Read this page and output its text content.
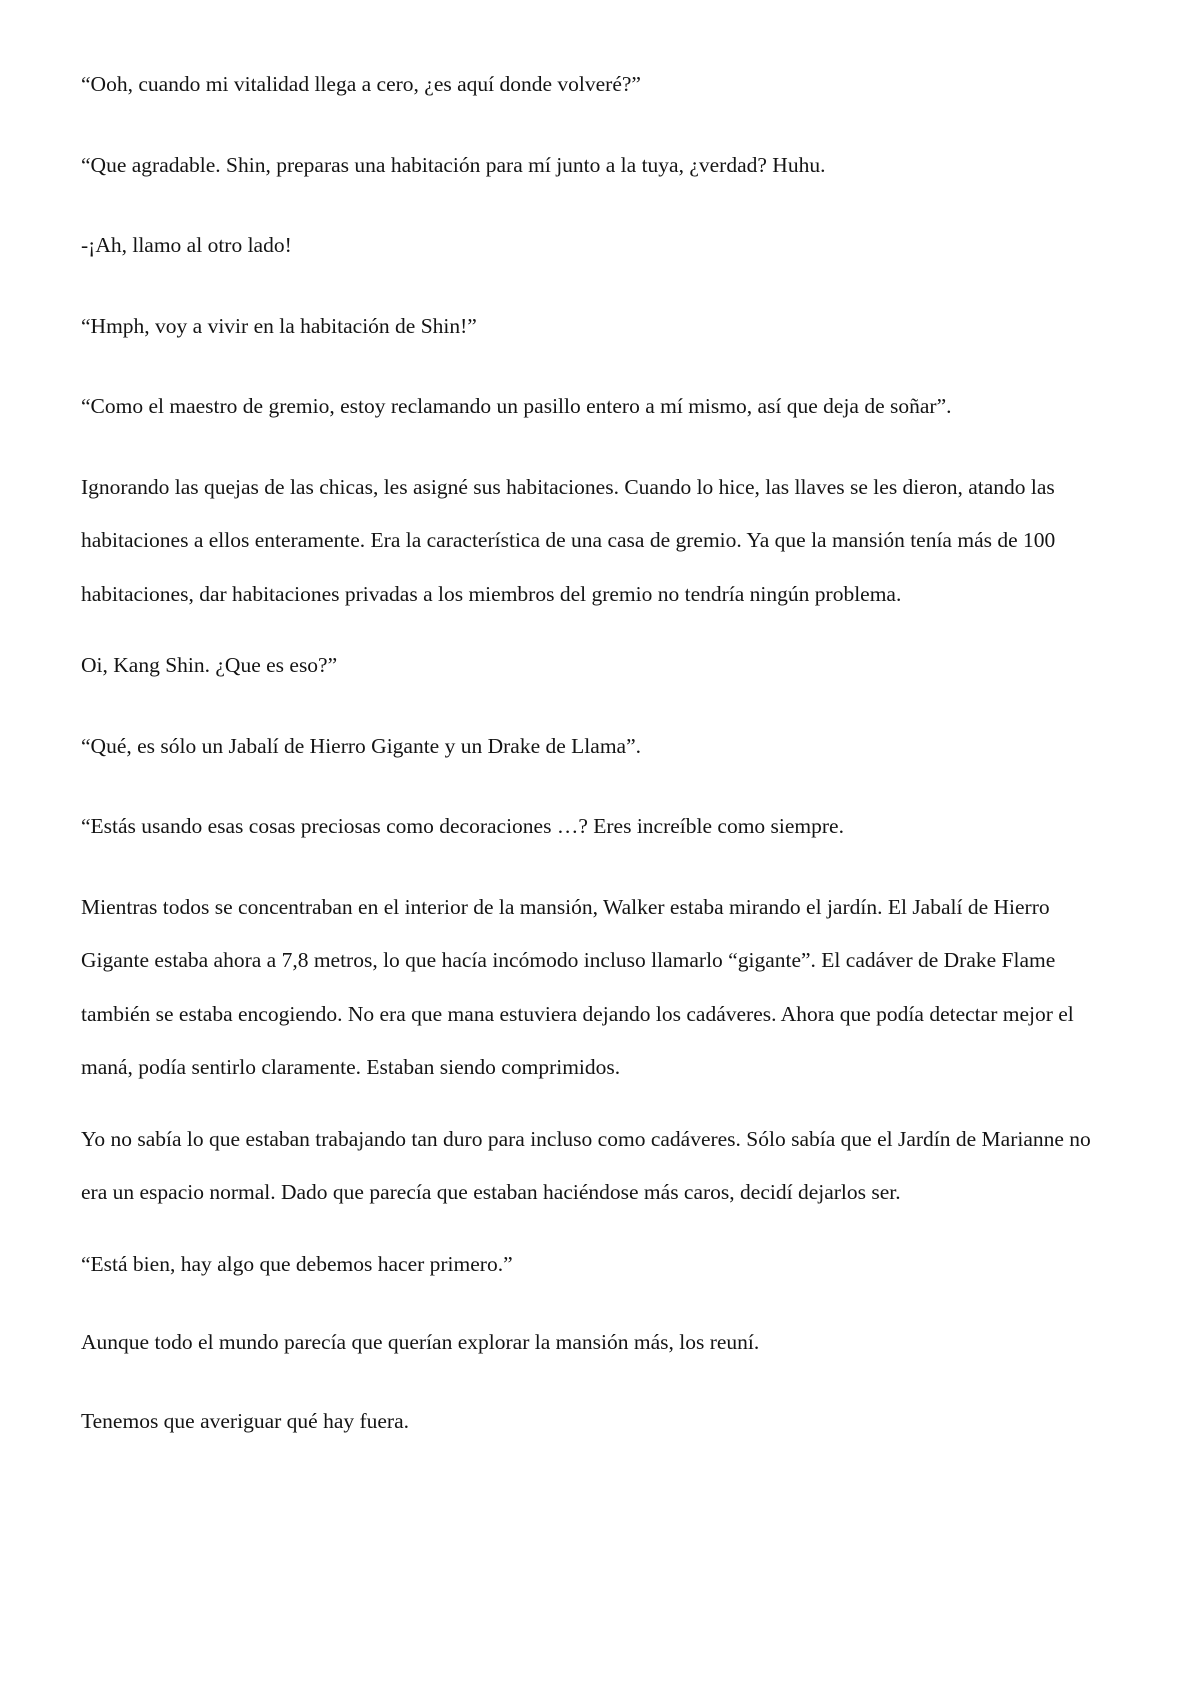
“Ooh, cuando mi vitalidad llega a cero, ¿es aquí donde volveré?”

“Que agradable. Shin, preparas una habitación para mí junto a la tuya, ¿verdad? Huhu.

-¡Ah, llamo al otro lado!

“Hmph, voy a vivir en la habitación de Shin!”

“Como el maestro de gremio, estoy reclamando un pasillo entero a mí mismo, así que deja de soñar”.

Ignorando las quejas de las chicas, les asigné sus habitaciones. Cuando lo hice, las llaves se les dieron, atando las habitaciones a ellos enteramente. Era la característica de una casa de gremio. Ya que la mansión tenía más de 100 habitaciones, dar habitaciones privadas a los miembros del gremio no tendría ningún problema.

Oi, Kang Shin. ¿Que es eso?”

“Qué, es sólo un Jabalí de Hierro Gigante y un Drake de Llama”.

“Estás usando esas cosas preciosas como decoraciones …? Eres increíble como siempre.

Mientras todos se concentraban en el interior de la mansión, Walker estaba mirando el jardín. El Jabalí de Hierro Gigante estaba ahora a 7,8 metros, lo que hacía incómodo incluso llamarlo “gigante”. El cadáver de Drake Flame también se estaba encogiendo. No era que mana estuviera dejando los cadáveres. Ahora que podía detectar mejor el maná, podía sentirlo claramente. Estaban siendo comprimidos.

Yo no sabía lo que estaban trabajando tan duro para incluso como cadáveres. Sólo sabía que el Jardín de Marianne no era un espacio normal. Dado que parecía que estaban haciéndose más caros, decidí dejarlos ser.

“Está bien, hay algo que debemos hacer primero.”

Aunque todo el mundo parecía que querían explorar la mansión más, los reuní.

Tenemos que averiguar qué hay fuera.
